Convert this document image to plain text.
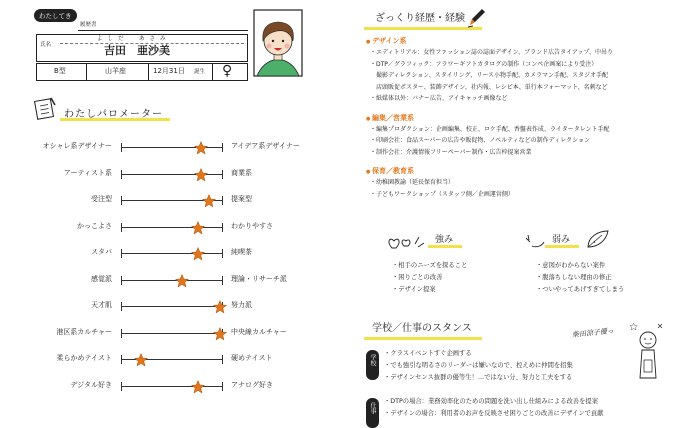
わたしてき
履歴書
氏名
よしだ　あさみ
吉田　亜沙美
B型	山羊座	12月31日 誕生 ♀
わたしパロメーター
オシャレ系デザイナー	アイデア系デザイナー
アーティスト系	商業系
受注型	提案型
かっこよさ	わかりやすさ
スタバ	純喫茶
感覚派	理論・リサーチ派
天才肌	努力派
港区系カルチャー	中央線カルチャー
柔らかめテイスト	硬めテイスト
デジタル好き	アナログ好き
ざっくり経歴・経験
● デザイン系
・エディトリアル：女性ファッション誌の誌面デザイン、ブランド広告タイアップ、中吊り
・DTP／グラフィック：フラワーギフトカタログの制作（コンペ企画案により受注）
　撮影ディレクション、スタイリング、リース小物手配、カメラマン手配、スタジオ手配
　店頭販促ポスター、装飾デザイン、社内報、レシピ本、単行本フォーマット、名刺など
・紙媒体以外：バナー広告、アイキャッチ画像など
● 編集／営業系
・編集プロダクション：企画編集、校正、ロケ手配、香盤表作成、ライタータレント手配
・印刷会社：食品スーパーの広告や販促物、ノベルティなどの制作ディレクション
・制作会社：介護情報フリーペーパー制作・広告枠提案営業
● 保育／教育系
・幼稚園教諭（延長保育担当）
・子どもワークショップ（スタッフ側／企画運営側）
強み
・相手のニーズを探ること
・困りごとの改善
・デザイン提案
弱み
・意図がわからない案件
・腹落ちしない理由の修正
・ついやってあげすぎてしまう
学校／仕事のスタンス	柴田涼子優っ
学校
仕事
・クラスイベントすぐ企画する
・でも強引な明るさのリーダーは嫌いなので、控えめに仲間を招集
・デザインセンス抜群の優等生！…ではない分、努力と工夫をする
・DTPの場合：業務効率化のための問題を洗い出し仕組みによる改善を提案
・デザインの場合：利用者のお声を反映させ困りごとの改善にデザインで貢献
